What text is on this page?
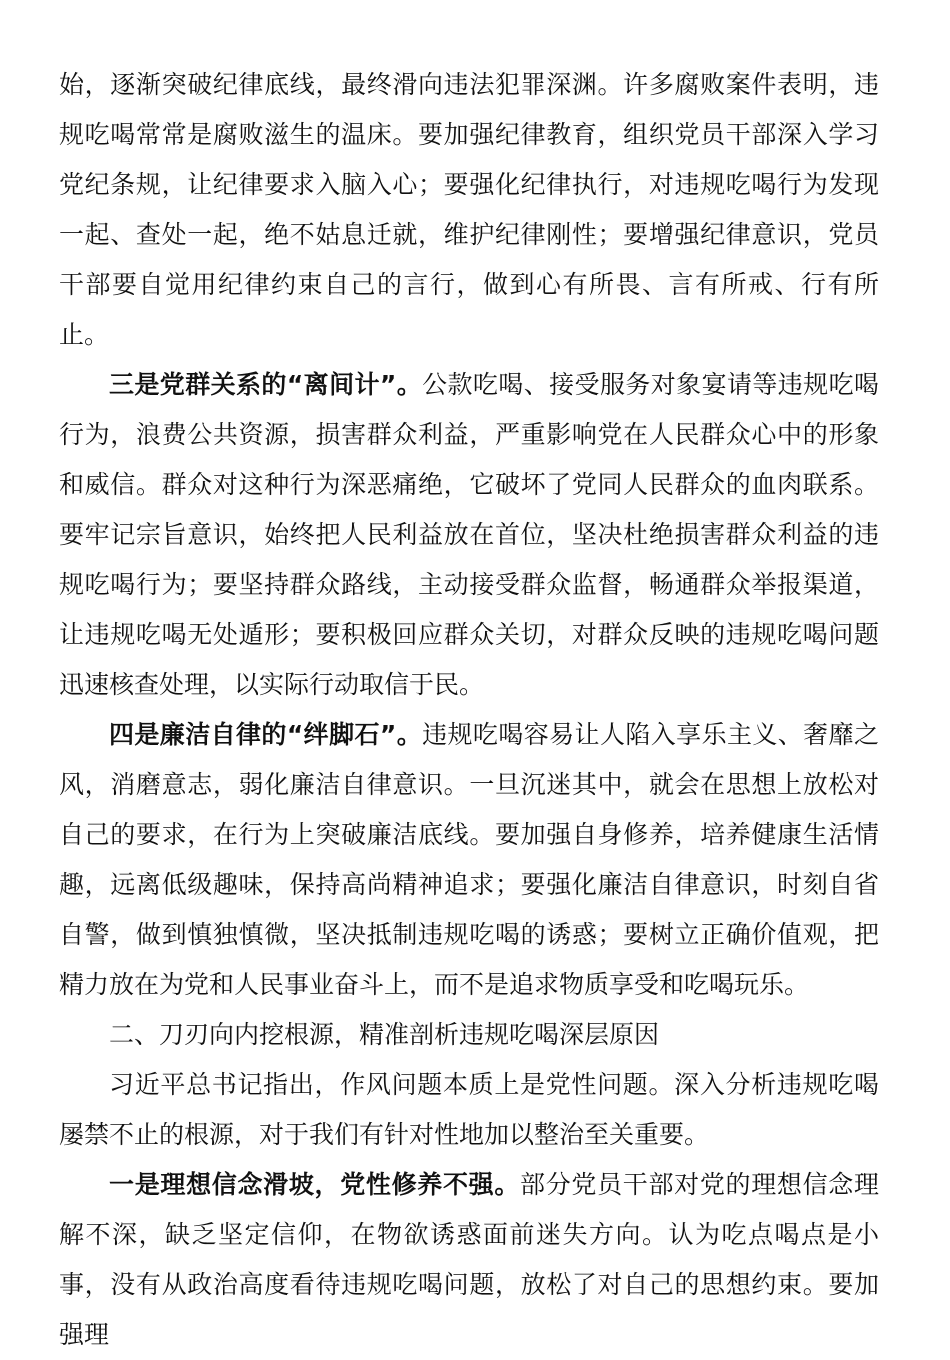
始，逐渐突破纪律底线，最终滑向违法犯罪深渊。许多腐败案件表明，违规吃喝常常是腐败滋生的温床。要加强纪律教育，组织党员干部深入学习党纪条规，让纪律要求入脑入心；要强化纪律执行，对违规吃喝行为发现一起、查处一起，绝不姑息迁就，维护纪律刚性；要增强纪律意识，党员干部要自觉用纪律约束自己的言行，做到心有所畏、言有所戒、行有所止。

三是党群关系的“离间计”。公款吃喝、接受服务对象宴请等违规吃喝行为，浪费公共资源，损害群众利益，严重影响党在人民群众心中的形象和威信。群众对这种行为深恶痛绝，它破坏了党同人民群众的血肉联系。要牢记宗旨意识，始终把人民利益放在首位，坚决杜绝损害群众利益的违规吃喝行为；要坚持群众路线，主动接受群众监督，畅通群众举报渠道，让违规吃喝无处遁形；要积极回应群众关切，对群众反映的违规吃喝问题迅速核查处理，以实际行动取信于民。

四是廉洁自律的“绊脚石”。违规吃喝容易让人陷入享乐主义、奢靡之风，消磨意志，弱化廉洁自律意识。一旦沉迷其中，就会在思想上放松对自己的要求，在行为上突破廉洁底线。要加强自身修养，培养健康生活情趣，远离低级趣味，保持高尚精神追求；要强化廉洁自律意识，时刻自省自警，做到慎独慎微，坚决抵制违规吃喝的诱惑；要树立正确价值观，把精力放在为党和人民事业奋斗上，而不是追求物质享受和吃喝玩乐。

二、刀刃向内挖根源，精准剖析违规吃喝深层原因

习近平总书记指出，作风问题本质上是党性问题。深入分析违规吃喝屡禁不止的根源，对于我们有针对性地加以整治至关重要。

一是理想信念滑坡，党性修养不强。部分党员干部对党的理想信念理解不深，缺乏坚定信仰，在物欲诱惑面前迷失方向。认为吃点喝点是小事，没有从政治高度看待违规吃喝问题，放松了对自己的思想约束。要加强理
